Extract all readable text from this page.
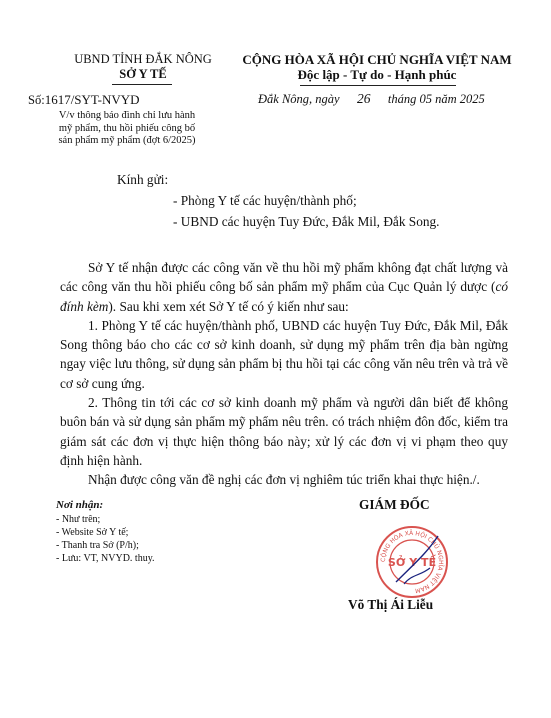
UBND TỈNH ĐẮK NÔNG
SỞ Y TẾ
Số:1617/SYT-NVYD
V/v thông báo đình chỉ lưu hành
mỹ phẩm, thu hồi phiếu công bố
sản phẩm mỹ phẩm (đợt 6/2025)
CỘNG HÒA XÃ HỘI CHỦ NGHĨA VIỆT NAM
Độc lập - Tự do - Hạnh phúc
Đắk Nông, ngày 26 tháng 05 năm 2025
Kính gửi:
- Phòng Y tế các huyện/thành phố;
- UBND các huyện Tuy Đức, Đắk Mil, Đắk Song.

Sở Y tế nhận được các công văn về thu hồi mỹ phẩm không đạt chất lượng và các công văn thu hồi phiếu công bố sản phẩm mỹ phẩm của Cục Quản lý dược (có đính kèm). Sau khi xem xét Sở Y tế có ý kiến như sau:

1. Phòng Y tế các huyện/thành phố, UBND các huyện Tuy Đức, Đắk Mil, Đắk Song thông báo cho các cơ sở kinh doanh, sử dụng mỹ phẩm trên địa bàn ngừng ngay việc lưu thông, sử dụng sản phẩm bị thu hồi tại các công văn nêu trên và trả về cơ sở cung ứng.

2. Thông tin tới các cơ sở kinh doanh mỹ phẩm và người dân biết để không buôn bán và sử dụng sản phẩm mỹ phẩm nêu trên. có trách nhiệm đôn đốc, kiểm tra giám sát các đơn vị thực hiện thông báo này; xử lý các đơn vị vi phạm theo quy định hiện hành.

Nhận được công văn đề nghị các đơn vị nghiêm túc triển khai thực hiện./.

Nơi nhận:
- Như trên;
- Website Sở Y tế;
- Thanh tra Sở (P/h);
- Lưu: VT, NVYD. thuy.
GIÁM ĐỐC
CỘNG HÒA XÃ HỘI CHỦ NGHĨA VIỆT NAM
SỞ Y TẾ
Võ Thị Ái Liễu
